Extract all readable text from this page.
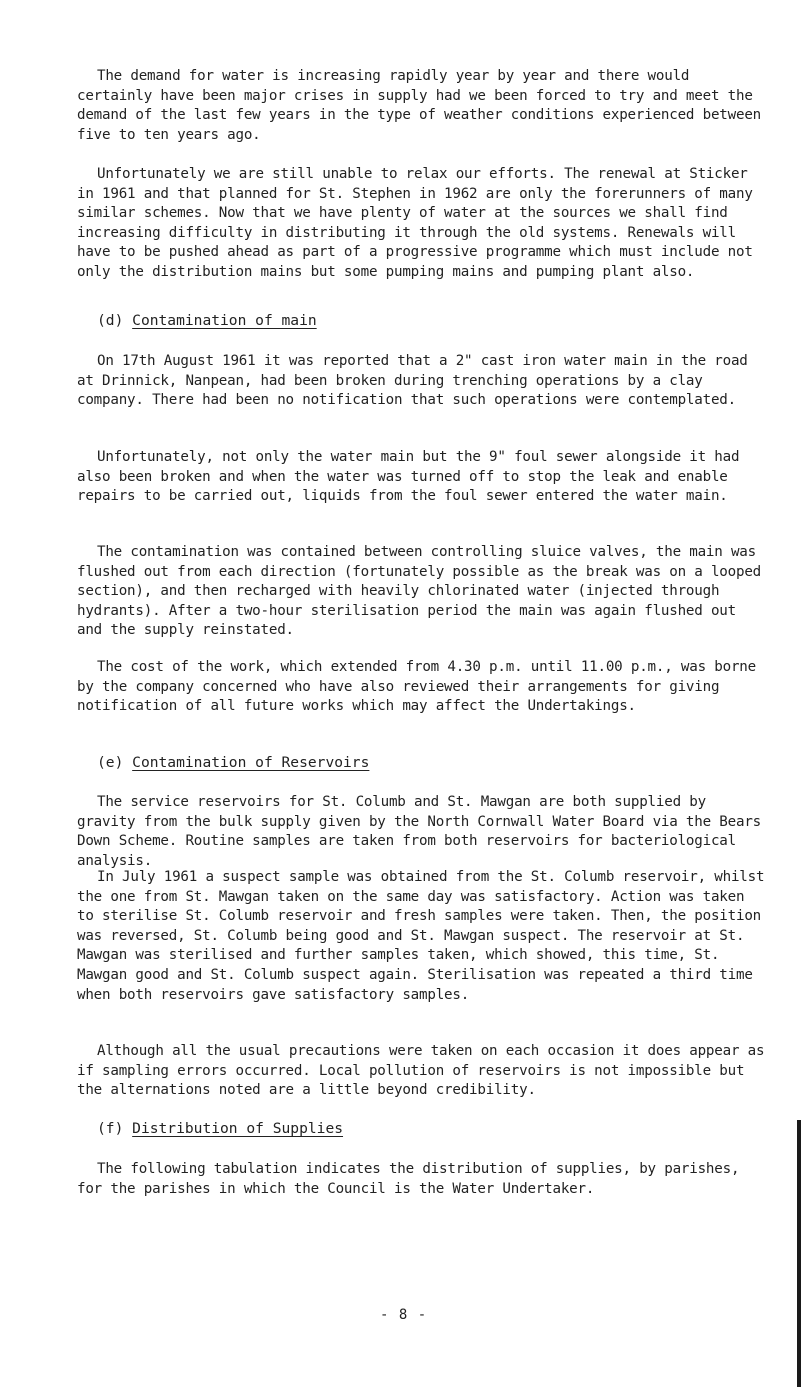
The demand for water is increasing rapidly year by year and there would certainly have been major crises in supply had we been forced to try and meet the demand of the last few years in the type of weather conditions experienced between five to ten years ago.

Unfortunately we are still unable to relax our efforts. The renewal at Sticker in 1961 and that planned for St. Stephen in 1962 are only the forerunners of many similar schemes. Now that we have plenty of water at the sources we shall find increasing difficulty in distributing it through the old systems. Renewals will have to be pushed ahead as part of a progressive programme which must include not only the distribution mains but some pumping mains and pumping plant also.

(d) Contamination of main

On 17th August 1961 it was reported that a 2" cast iron water main in the road at Drinnick, Nanpean, had been broken during trenching operations by a clay company. There had been no notification that such operations were contemplated.

Unfortunately, not only the water main but the 9" foul sewer alongside it had also been broken and when the water was turned off to stop the leak and enable repairs to be carried out, liquids from the foul sewer entered the water main.

The contamination was contained between controlling sluice valves, the main was flushed out from each direction (fortunately possible as the break was on a looped section), and then recharged with heavily chlorinated water (injected through hydrants). After a two-hour sterilisation period the main was again flushed out and the supply reinstated.

The cost of the work, which extended from 4.30 p.m. until 11.00 p.m., was borne by the company concerned who have also reviewed their arrangements for giving notification of all future works which may affect the Undertakings.

(e) Contamination of Reservoirs

The service reservoirs for St. Columb and St. Mawgan are both supplied by gravity from the bulk supply given by the North Cornwall Water Board via the Bears Down Scheme. Routine samples are taken from both reservoirs for bacteriological analysis.

In July 1961 a suspect sample was obtained from the St. Columb reservoir, whilst the one from St. Mawgan taken on the same day was satisfactory. Action was taken to sterilise St. Columb reservoir and fresh samples were taken. Then, the position was reversed, St. Columb being good and St. Mawgan suspect. The reservoir at St. Mawgan was sterilised and further samples taken, which showed, this time, St. Mawgan good and St. Columb suspect again. Sterilisation was repeated a third time when both reservoirs gave satisfactory samples.

Although all the usual precautions were taken on each occasion it does appear as if sampling errors occurred. Local pollution of reservoirs is not impossible but the alternations noted are a little beyond credibility.

(f) Distribution of Supplies

The following tabulation indicates the distribution of supplies, by parishes, for the parishes in which the Council is the Water Undertaker.

- 8 -
